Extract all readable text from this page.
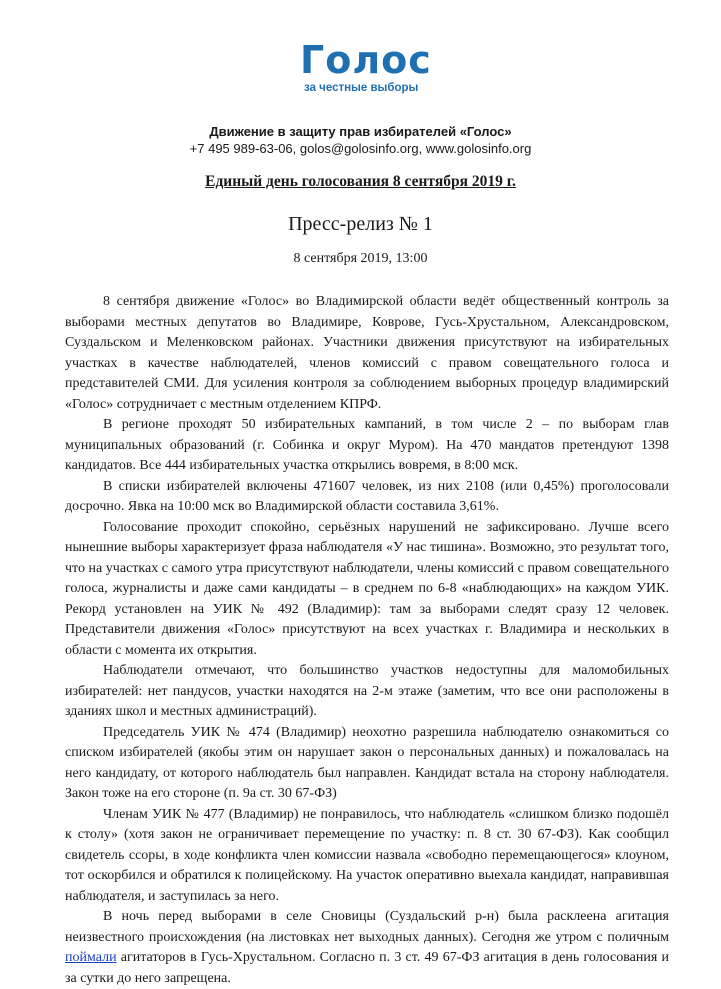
Голос
за честные выборы
Движение в защиту прав избирателей «Голос»
+7 495 989-63-06, golos@golosinfo.org, www.golosinfo.org
Единый день голосования 8 сентября 2019 г.
Пресс-релиз № 1
8 сентября 2019, 13:00

8 сентября движение «Голос» во Владимирской области ведёт общественный контроль за выборами местных депутатов во Владимире, Коврове, Гусь-Хрустальном, Александровском, Суздальском и Меленковском районах. Участники движения присутствуют на избирательных участках в качестве наблюдателей, членов комиссий с правом совещательного голоса и представителей СМИ. Для усиления контроля за соблюдением выборных процедур владимирский «Голос» сотрудничает с местным отделением КПРФ.

В регионе проходят 50 избирательных кампаний, в том числе 2 – по выборам глав муниципальных образований (г. Собинка и округ Муром). На 470 мандатов претендуют 1398 кандидатов. Все 444 избирательных участка открылись вовремя, в 8:00 мск.

В списки избирателей включены 471607 человек, из них 2108 (или 0,45%) проголосовали досрочно. Явка на 10:00 мск во Владимирской области составила 3,61%.

Голосование проходит спокойно, серьёзных нарушений не зафиксировано. Лучше всего нынешние выборы характеризует фраза наблюдателя «У нас тишина». Возможно, это результат того, что на участках с самого утра присутствуют наблюдатели, члены комиссий с правом совещательного голоса, журналисты и даже сами кандидаты – в среднем по 6-8 «наблюдающих» на каждом УИК. Рекорд установлен на УИК № 492 (Владимир): там за выборами следят сразу 12 человек. Представители движения «Голос» присутствуют на всех участках г. Владимира и нескольких в области с момента их открытия.

Наблюдатели отмечают, что большинство участков недоступны для маломобильных избирателей: нет пандусов, участки находятся на 2-м этаже (заметим, что все они расположены в зданиях школ и местных администраций).

Председатель УИК № 474 (Владимир) неохотно разрешила наблюдателю ознакомиться со списком избирателей (якобы этим он нарушает закон о персональных данных) и пожаловалась на него кандидату, от которого наблюдатель был направлен. Кандидат встала на сторону наблюдателя. Закон тоже на его стороне (п. 9а ст. 30 67-ФЗ)

Членам УИК № 477 (Владимир) не понравилось, что наблюдатель «слишком близко подошёл к столу» (хотя закон не ограничивает перемещение по участку: п. 8 ст. 30 67-ФЗ). Как сообщил свидетель ссоры, в ходе конфликта член комиссии назвала «свободно перемещающегося» клоуном, тот оскорбился и обратился к полицейскому. На участок оперативно выехала кандидат, направившая наблюдателя, и заступилась за него.

В ночь перед выборами в селе Сновицы (Суздальский р-н) была расклеена агитация неизвестного происхождения (на листовках нет выходных данных). Сегодня же утром с поличным поймали агитаторов в Гусь-Хрустальном. Согласно п. 3 ст. 49 67-ФЗ агитация в день голосования и за сутки до него запрещена.
